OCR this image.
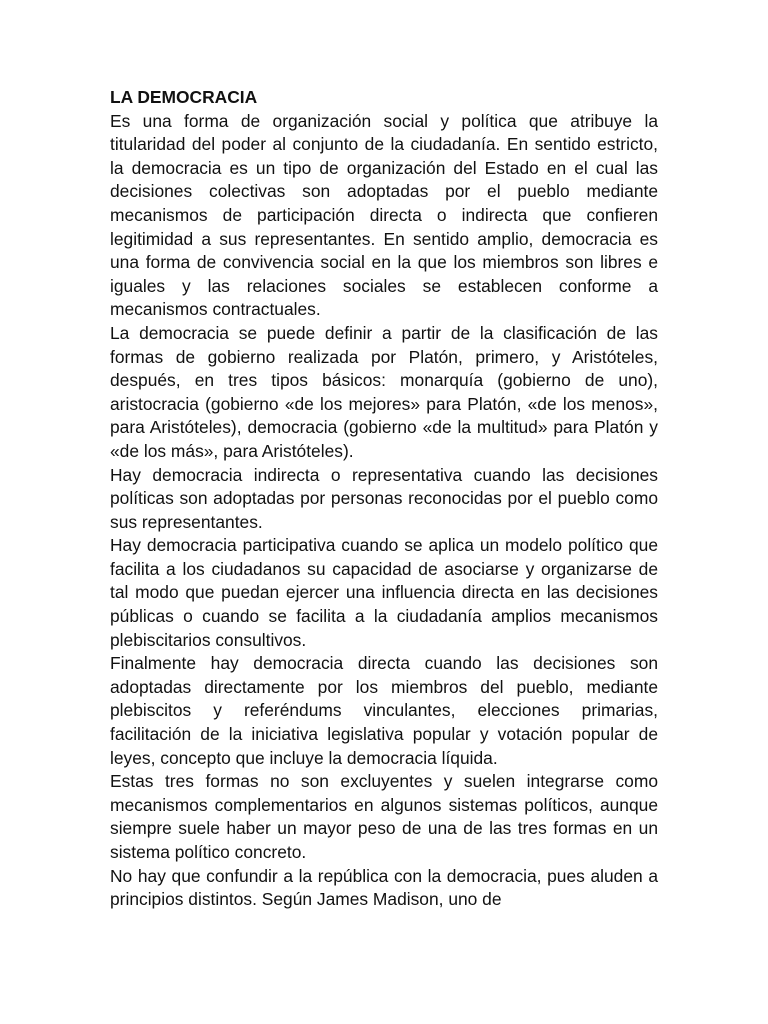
LA DEMOCRACIA

Es una forma de organización social y política que atribuye la titularidad del poder al conjunto de la ciudadanía. En sentido estricto, la democracia es un tipo de organización del Estado en el cual las decisiones colectivas son adoptadas por el pueblo mediante mecanismos de participación directa o indirecta que confieren legitimidad a sus representantes. En sentido amplio, democracia es una forma de convivencia social en la que los miembros son libres e iguales y las relaciones sociales se establecen conforme a mecanismos contractuales.

La democracia se puede definir a partir de la clasificación de las formas de gobierno realizada por Platón, primero, y Aristóteles, después, en tres tipos básicos: monarquía (gobierno de uno), aristocracia (gobierno «de los mejores» para Platón, «de los menos», para Aristóteles), democracia (gobierno «de la multitud» para Platón y «de los más», para Aristóteles).

Hay democracia indirecta o representativa cuando las decisiones políticas son adoptadas por personas reconocidas por el pueblo como sus representantes.

Hay democracia participativa cuando se aplica un modelo político que facilita a los ciudadanos su capacidad de asociarse y organizarse de tal modo que puedan ejercer una influencia directa en las decisiones públicas o cuando se facilita a la ciudadanía amplios mecanismos plebiscitarios consultivos.

Finalmente hay democracia directa cuando las decisiones son adoptadas directamente por los miembros del pueblo, mediante plebiscitos y referéndums vinculantes, elecciones primarias, facilitación de la iniciativa legislativa popular y votación popular de leyes, concepto que incluye la democracia líquida.

Estas tres formas no son excluyentes y suelen integrarse como mecanismos complementarios en algunos sistemas políticos, aunque siempre suele haber un mayor peso de una de las tres formas en un sistema político concreto.

No hay que confundir a la república con la democracia, pues aluden a principios distintos. Según James Madison, uno de
